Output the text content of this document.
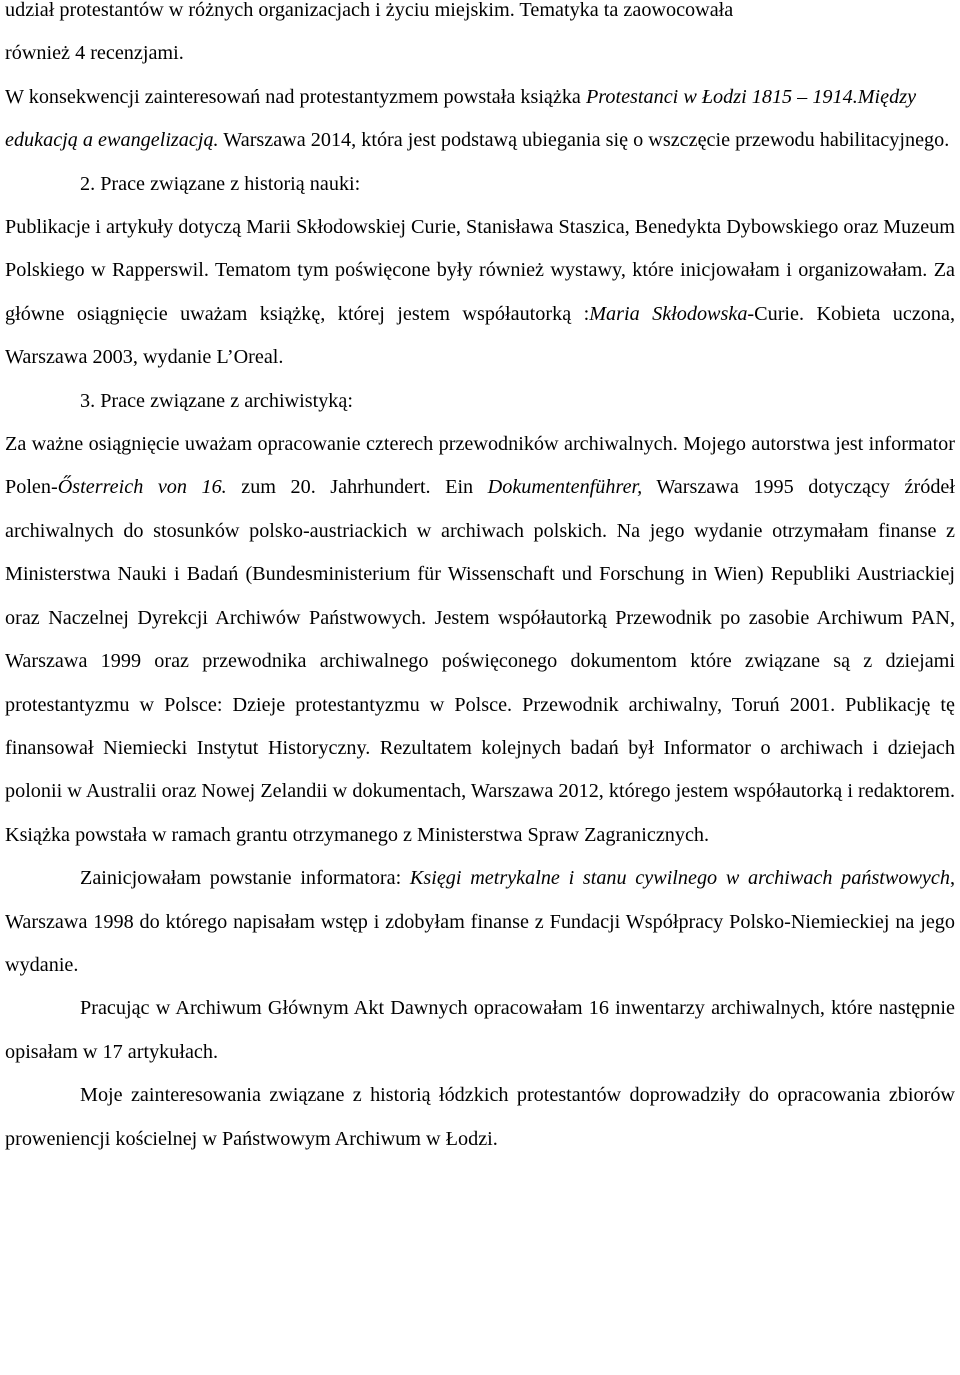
udział protestantów w różnych organizacjach i życiu miejskim. Tematyka ta zaowocowała

również 4 recenzjami.

W konsekwencji zainteresowań nad protestantyzmem powstała książka Protestanci w Łodzi 1815 – 1914.Między edukacją a ewangelizacją. Warszawa 2014, która jest podstawą ubiegania się o wszczęcie przewodu habilitacyjnego.

2. Prace związane z historią nauki:

Publikacje i artykuły dotyczą Marii Skłodowskiej Curie, Stanisława Staszica, Benedykta Dybowskiego oraz Muzeum Polskiego w Rapperswil. Tematom tym poświęcone były również wystawy, które inicjowałam i organizowałam. Za główne osiągnięcie uważam książkę, której jestem współautorką :Maria Skłodowska-Curie. Kobieta uczona, Warszawa 2003, wydanie L’Oreal.

3. Prace związane z archiwistyką:

Za ważne osiągnięcie uważam opracowanie czterech przewodników archiwalnych. Mojego autorstwa jest informator Polen-Ősterreich von 16. zum 20. Jahrhundert. Ein Dokumentenführer, Warszawa 1995 dotyczący źródeł archiwalnych do stosunków polsko-austriackich w archiwach polskich. Na jego wydanie otrzymałam finanse z Ministerstwa Nauki i Badań (Bundesministerium für Wissenschaft und Forschung in Wien) Republiki Austriackiej oraz Naczelnej Dyrekcji Archiwów Państwowych. Jestem współautorką Przewodnik po zasobie Archiwum PAN, Warszawa 1999 oraz przewodnika archiwalnego poświęconego dokumentom które związane są z dziejami protestantyzmu w Polsce: Dzieje protestantyzmu w Polsce. Przewodnik archiwalny, Toruń 2001. Publikację tę finansował Niemiecki Instytut Historyczny. Rezultatem kolejnych badań był Informator o archiwach i dziejach polonii w Australii oraz Nowej Zelandii w dokumentach, Warszawa 2012, którego jestem współautorką i redaktorem. Książka powstała w ramach grantu otrzymanego z Ministerstwa Spraw Zagranicznych.

Zainicjowałam powstanie informatora: Księgi metrykalne i stanu cywilnego w archiwach państwowych, Warszawa 1998 do którego napisałam wstęp i zdobyłam finanse z Fundacji Współpracy Polsko-Niemieckiej na jego wydanie.

Pracując w Archiwum Głównym Akt Dawnych opracowałam 16 inwentarzy archiwalnych, które następnie opisałam w 17 artykułach.

Moje zainteresowania związane z historią łódzkich protestantów doprowadziły do opracowania zbiorów proweniencji kościelnej w Państwowym Archiwum w Łodzi.
